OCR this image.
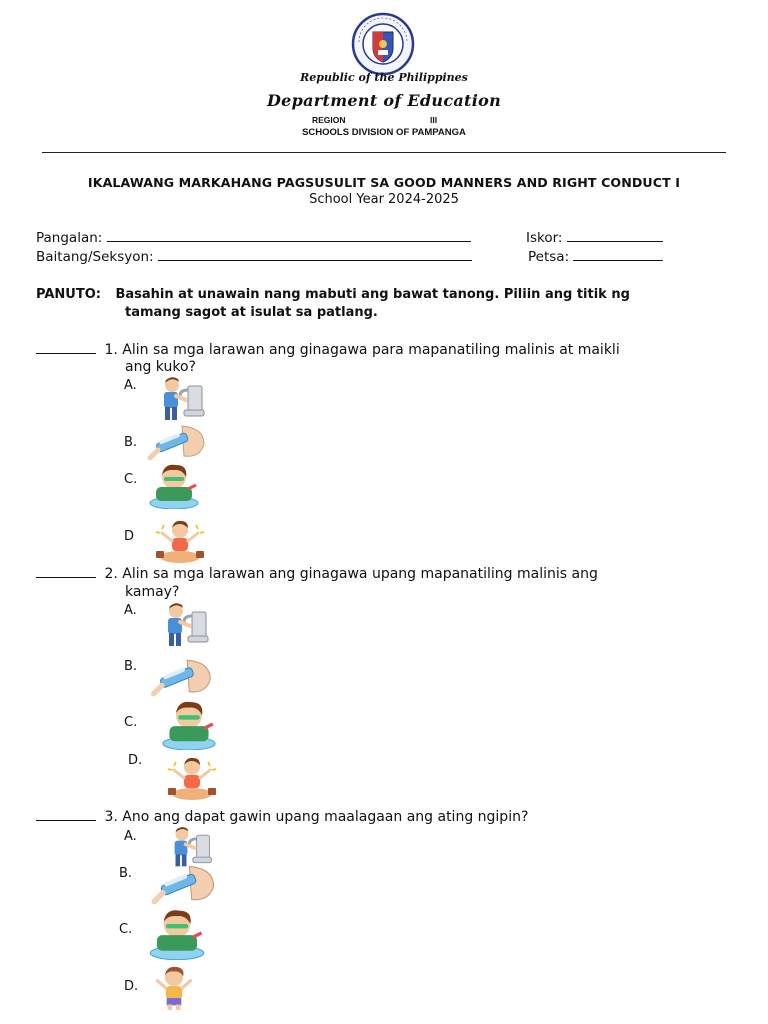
Republic of the Philippines
Department of Education
REGION	III
SCHOOLS DIVISION OF PAMPANGA
IKALAWANG MARKAHANG PAGSUSULIT SA GOOD MANNERS AND RIGHT CONDUCT I
School Year 2024-2025
Pangalan:	Iskor:
Baitang/Seksyon:	Petsa:
PANUTO: Basahin at unawain nang mabuti ang bawat tanong. Piliin ang titik ng
tamang sagot at isulat sa patlang.
1. Alin sa mga larawan ang ginagawa para mapanatiling malinis at maikli
ang kuko?
A.
B.
C.
D
2. Alin sa mga larawan ang ginagawa upang mapanatiling malinis ang
kamay?
A.
B.
C.
D.
3. Ano ang dapat gawin upang maalagaan ang ating ngipin?
A.
B.
C.
D.
